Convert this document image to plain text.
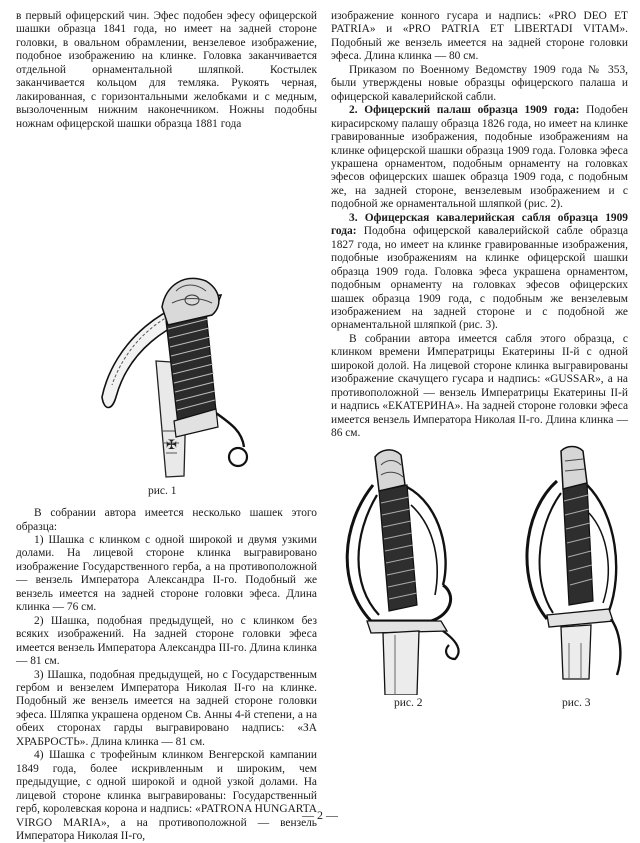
в первый офицерский чин. Эфес подобен эфесу офицерской шашки образца 1841 года, но имеет на задней стороне головки, в овальном обрамлении, вензелевое изображение, подобное изображению на клинке. Головка заканчивается отдельной орнаментальной шляпкой. Костылек заканчивается кольцом для темляка. Рукоять черная, лакированная, с горизонтальными желобками и с медным, вызолоченным нижним наконечником. Ножны подобны ножнам офицерской шашки образца 1881 года

✠
рис. 1

В собрании автора имеется несколько шашек этого образца:

1) Шашка с клинком с одной широкой и двумя узкими долами. На лицевой стороне клинка выгравировано изображение Государственного герба, а на противоположной — вензель Императора Александра II-го. Подобный же вензель имеется на задней стороне головки эфеса. Длина клинка — 76 см.

2) Шашка, подобная предыдущей, но с клинком без всяких изображений. На задней стороне головки эфеса имеется вензель Императора Александра III-го. Длина клинка — 81 см.

3) Шашка, подобная предыдущей, но с Государственным гербом и вензелем Императора Николая II-го на клинке. Подобный же вензель имеется на задней стороне головки эфеса. Шляпка украшена орденом Св. Анны 4-й степени, а на обеих сторонах гарды выгравировано надпись: «ЗА ХРАБРОСТЬ». Длина клинка — 81 см.

4) Шашка с трофейным клинком Венгерской кампании 1849 года, более искривленным и широким, чем предыдущие, с одной широкой и одной узкой долами. На лицевой стороне клинка выгравированы: Государственный герб, королевская корона и надпись: «PATRONA HUNGARTA VIRGO MARIA», а на противоположной — вензель Императора Николая II-го,

изображение конного гусара и надпись: «PRO DEO ET PATRIA» и «PRO PATRIA ET LIBERTADI VITAM». Подобный же вензель имеется на задней стороне головки эфеса. Длина клинка — 80 см.

Приказом по Военному Ведомству 1909 года № 353, были утверждены новые образцы офицерского палаша и офицерской кавалерийской сабли.

2. Офицерский палаш образца 1909 года: Подобен кирасирскому палашу образца 1826 года, но имеет на клинке гравированные изображения, подобные изображениям на клинке офицерской шашки образца 1909 года. Головка эфеса украшена орнаментом, подобным орнаменту на головках эфесов офицерских шашек образца 1909 года, с подобным же, на задней стороне, вензелевым изображением и с подобной же орнаментальной шляпкой (рис. 2).

3. Офицерская кавалерийская сабля образца 1909 года: Подобна офицерской кавалерийской сабле образца 1827 года, но имеет на клинке гравированные изображения, подобные изображениям на клинке офицерской шашки образца 1909 года. Головка эфеса украшена орнаментом, подобным орнаменту на головках эфесов офицерских шашек образца 1909 года, с подобным же вензелевым изображением на задней стороне и с подобной же орнаментальной шляпкой (рис. 3).

В собрании автора имеется сабля этого образца, с клинком времени Императрицы Екатерины II-й с одной широкой долой. На лицевой стороне клинка выгравированы изображение скачущего гусара и надпись: «GUSSAR», а на противоположной — вензель Императрицы Екатерины II-й и надпись «ЕКАТЕРИНА». На задней стороне головки эфеса имеется вензель Императора Николая II-го. Длина клинка — 86 см.

рис. 2	рис. 3
— 2 —
